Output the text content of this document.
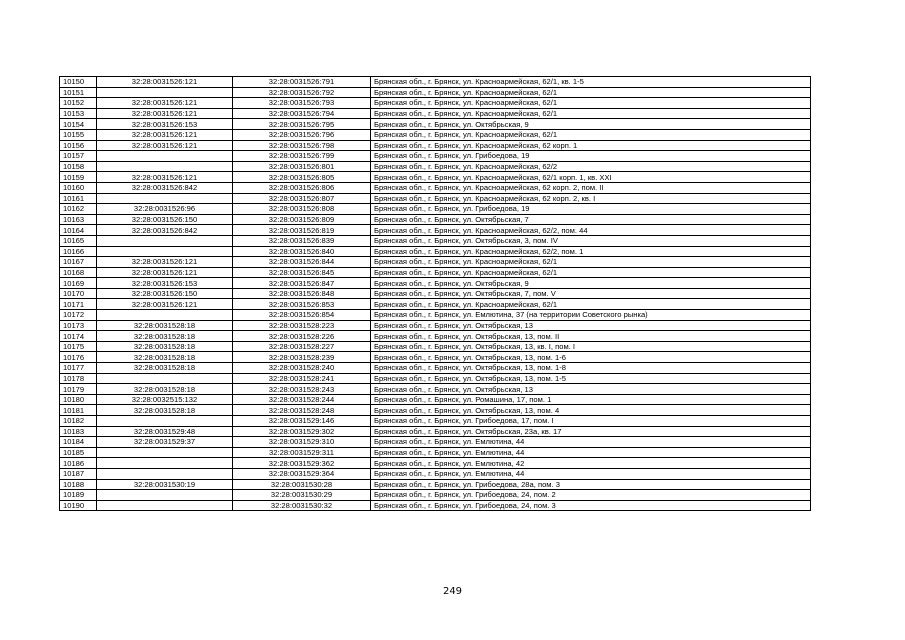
10150	32:28:0031526:121	32:28:0031526:791	Брянская обл., г. Брянск, ул. Красноармейская, 62/1, кв. 1-5
10151		32:28:0031526:792	Брянская обл., г. Брянск, ул. Красноармейская, 62/1
10152	32:28:0031526:121	32:28:0031526:793	Брянская обл., г. Брянск, ул. Красноармейская, 62/1
10153	32:28:0031526:121	32:28:0031526:794	Брянская обл., г. Брянск, ул. Красноармейская, 62/1
10154	32:28:0031526:153	32:28:0031526:795	Брянская обл., г. Брянск, ул. Октябрьская, 9
10155	32:28:0031526:121	32:28:0031526:796	Брянская обл., г. Брянск, ул. Красноармейская, 62/1
10156	32:28:0031526:121	32:28:0031526:798	Брянская обл., г. Брянск, ул. Красноармейская, 62 корп. 1
10157		32:28:0031526:799	Брянская обл., г. Брянск, ул. Грибоедова, 19
10158		32:28:0031526:801	Брянская обл., г. Брянск, ул. Красноармейская, 62/2
10159	32:28:0031526:121	32:28:0031526:805	Брянская обл., г. Брянск, ул. Красноармейская, 62/1 корп. 1, кв. XXI
10160	32:28:0031526:842	32:28:0031526:806	Брянская обл., г. Брянск, ул. Красноармейская, 62 корп. 2, пом. II
10161		32:28:0031526:807	Брянская обл., г. Брянск, ул. Красноармейская, 62 корп. 2, кв. I
10162	32:28:0031526:96	32:28:0031526:808	Брянская обл., г. Брянск, ул. Грибоедова, 19
10163	32:28:0031526:150	32:28:0031526:809	Брянская обл., г. Брянск, ул. Октябрьская, 7
10164	32:28:0031526:842	32:28:0031526:819	Брянская обл., г. Брянск, ул. Красноармейская, 62/2, пом. 44
10165		32:28:0031526:839	Брянская обл., г. Брянск, ул. Октябрьская, 3, пом. IV
10166		32:28:0031526:840	Брянская обл., г. Брянск, ул. Красноармейская, 62/2, пом. 1
10167	32:28:0031526:121	32:28:0031526:844	Брянская обл., г. Брянск, ул. Красноармейская, 62/1
10168	32:28:0031526:121	32:28:0031526:845	Брянская обл., г. Брянск, ул. Красноармейская, 62/1
10169	32:28:0031526:153	32:28:0031526:847	Брянская обл., г. Брянск, ул. Октябрьская, 9
10170	32:28:0031526:150	32:28:0031526:848	Брянская обл., г. Брянск, ул. Октябрьская, 7, пом. V
10171	32:28:0031526:121	32:28:0031526:853	Брянская обл., г. Брянск, ул. Красноармейская, 62/1
10172		32:28:0031526:854	Брянская обл., г. Брянск, ул. Емлютина, 37 (на территории Советского рынка)
10173	32:28:0031528:18	32:28:0031528:223	Брянская обл., г. Брянск, ул. Октябрьская, 13
10174	32:28:0031528:18	32:28:0031528:226	Брянская обл., г. Брянск, ул. Октябрьская, 13, пом. II
10175	32:28:0031528:18	32:28:0031528:227	Брянская обл., г. Брянск, ул. Октябрьская, 13, кв. I, пом. I
10176	32:28:0031528:18	32:28:0031528:239	Брянская обл., г. Брянск, ул. Октябрьская, 13, пом. 1-6
10177	32:28:0031528:18	32:28:0031528:240	Брянская обл., г. Брянск, ул. Октябрьская, 13, пом. 1-8
10178		32:28:0031528:241	Брянская обл., г. Брянск, ул. Октябрьская, 13, пом. 1-5
10179	32:28:0031528:18	32:28:0031528:243	Брянская обл., г. Брянск, ул. Октябрьская, 13
10180	32:28:0032515:132	32:28:0031528:244	Брянская обл., г. Брянск, ул. Ромашина, 17, пом. 1
10181	32:28:0031528:18	32:28:0031528:248	Брянская обл., г. Брянск, ул. Октябрьская, 13, пом. 4
10182		32:28:0031529:146	Брянская обл., г. Брянск, ул. Грибоедова, 17, пом. I
10183	32:28:0031529:48	32:28:0031529:302	Брянская обл., г. Брянск, ул. Октябрьская, 23а, кв. 17
10184	32:28:0031529:37	32:28:0031529:310	Брянская обл., г. Брянск, ул. Емлютина, 44
10185		32:28:0031529:311	Брянская обл., г. Брянск, ул. Емлютина, 44
10186		32:28:0031529:362	Брянская обл., г. Брянск, ул. Емлютина, 42
10187		32:28:0031529:364	Брянская обл., г. Брянск, ул. Емлютина, 44
10188	32:28:0031530:19	32:28:0031530:28	Брянская обл., г. Брянск, ул. Грибоедова, 28а, пом. 3
10189		32:28:0031530:29	Брянская обл., г. Брянск, ул. Грибоедова, 24, пом. 2
10190		32:28:0031530:32	Брянская обл., г. Брянск, ул. Грибоедова, 24, пом. 3
249
